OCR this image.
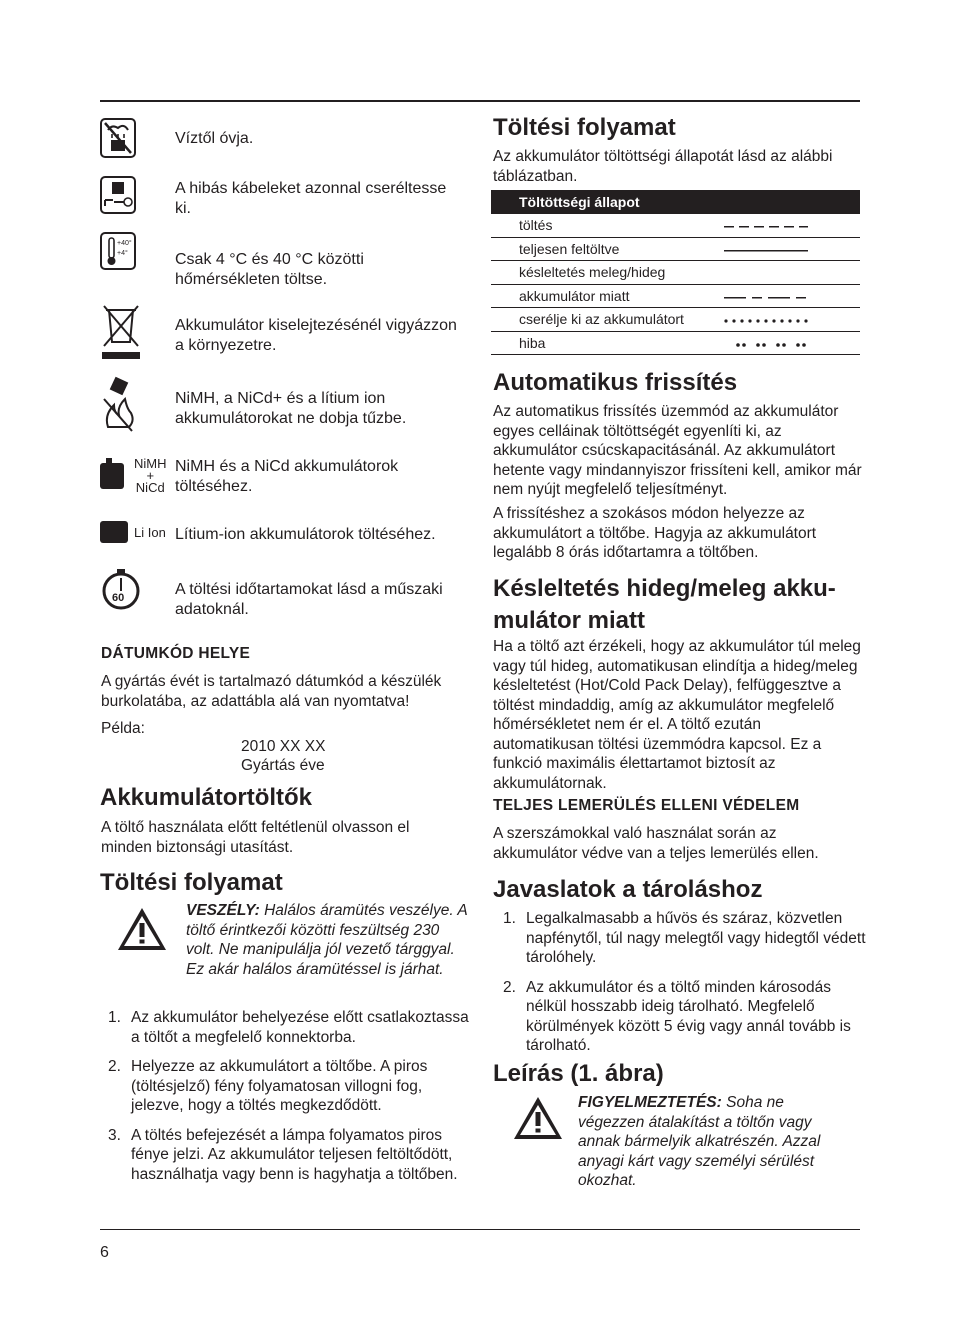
6
Víztől óvja.
A hibás kábeleket azonnal cseréltesse ki.
+40°
+4°	Csak 4 °C és 40 °C közötti hőmérsékleten töltse.
Akkumulátor kiselejtezésénél vigyázzon a környezetre.
NiMH, a NiCd+ és a lítium ion akkumulátorokat ne dobja tűzbe.
NiMH
+
NiCd
NiMH és a NiCd akkumulátorok töltéséhez.
Li Ion Lítium-ion akkumulátorok töltéséhez.
60	A töltési időtartamokat lásd a műszaki adatoknál.
DÁTUMKÓD HELYE
A gyártás évét is tartalmazó dátumkód a készülék burkolatába, az adattábla alá van nyomtatva!
Példa:
2010 XX XX
Gyártás éve
Akkumulátortöltők
A töltő használata előtt feltétlenül olvasson el minden biztonsági utasítást.
Töltési folyamat
VESZÉLY: Halálos áramütés veszélye. A töltő érintkezői közötti feszültség 230 volt. Ne manipulálja jól vezető tárggyal. Ez akár halálos áramütéssel is járhat.
1. Az akkumulátor behelyezése előtt csatlakoztassa a töltőt a megfelelő konnektorba.
2. Helyezze az akkumulátort a töltőbe. A piros (töltésjelző) fény folyamatosan villogni fog, jelezve, hogy a töltés megkezdődött.
3. A töltés befejezését a lámpa folyamatos piros fénye jelzi. Az akkumulátor teljesen feltöltődött, használhatja vagy benn is hagyhatja a töltőben.
Töltési folyamat
Az akkumulátor töltöttségi állapotát lásd az alábbi táblázatban.
Töltöttségi állapot	
töltés	
teljesen feltöltve	
késleltetés meleg/hideg	
akkumulátor miatt	
cserélje ki az akkumulátort	
hiba	
Automatikus frissítés
Az automatikus frissítés üzemmód az akkumulátor egyes celláinak töltöttségét egyenlíti ki, az akkumulátor csúcskapacitásánál. Az akkumulátort hetente vagy mindannyiszor frissíteni kell, amikor már nem nyújt megfelelő teljesítményt.
A frissítéshez a szokásos módon helyezze az akkumulátort a töltőbe. Hagyja az akkumulátort legalább 8 órás időtartamra a töltőben.
Késleltetés hideg/meleg akku-
mulátor miatt
Ha a töltő azt érzékeli, hogy az akkumulátor túl meleg vagy túl hideg, automatikusan elindítja a hideg/meleg késleltetést (Hot/Cold Pack Delay), felfüggesztve a töltést mindaddig, amíg az akkumulátor megfelelő hőmérsékletet nem ér el. A töltő ezután automatikusan töltési üzemmódra kapcsol. Ez a funkció maximális élettartamot biztosít az akkumulátornak.
TELJES LEMERÜLÉS ELLENI VÉDELEM
A szerszámokkal való használat során az akkumulátor védve van a teljes lemerülés ellen.
Javaslatok a tároláshoz
1. Legalkalmasabb a hűvös és száraz, közvetlen napfénytől, túl nagy melegtől vagy hidegtől védett tárolóhely.
2. Az akkumulátor és a töltő minden károsodás nélkül hosszabb ideig tárolható. Megfelelő körülmények között 5 évig vagy annál tovább is tárolható.
Leírás (1. ábra)
FIGYELMEZTETÉS: Soha ne végezzen átalakítást a töltőn vagy annak bármelyik alkatrészén. Azzal anyagi kárt vagy személyi sérülést okozhat.
